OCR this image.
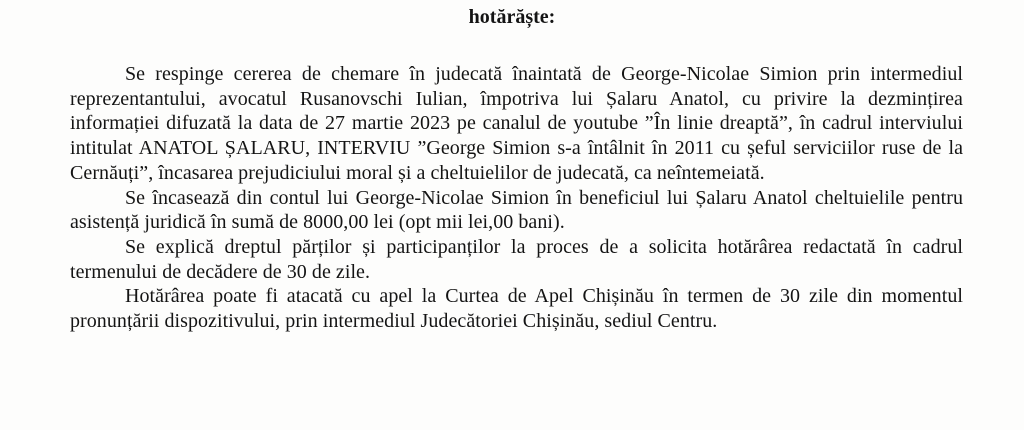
hotărăște:

Se respinge cererea de chemare în judecată înaintată de George-Nicolae Simion prin intermediul reprezentantului, avocatul Rusanovschi Iulian, împotriva lui Șalaru Anatol, cu privire la dezmințirea informației difuzată la data de 27 martie 2023 pe canalul de youtube ”În linie dreaptă”, în cadrul interviului intitulat ANATOL ȘALARU, INTERVIU ”George Simion s-a întâlnit în 2011 cu șeful serviciilor ruse de la Cernăuți”, încasarea prejudiciului moral și a cheltuielilor de judecată, ca neîntemeiată.

Se încasează din contul lui George-Nicolae Simion în beneficiul lui Șalaru Anatol cheltuielile pentru asistență juridică în sumă de 8000,00 lei (opt mii lei,00 bani).

Se explică dreptul părților și participanților la proces de a solicita hotărârea redactată în cadrul termenului de decădere de 30 de zile.

Hotărârea poate fi atacată cu apel la Curtea de Apel Chișinău în termen de 30 zile din momentul pronunțării dispozitivului, prin intermediul Judecătoriei Chișinău, sediul Centru.
